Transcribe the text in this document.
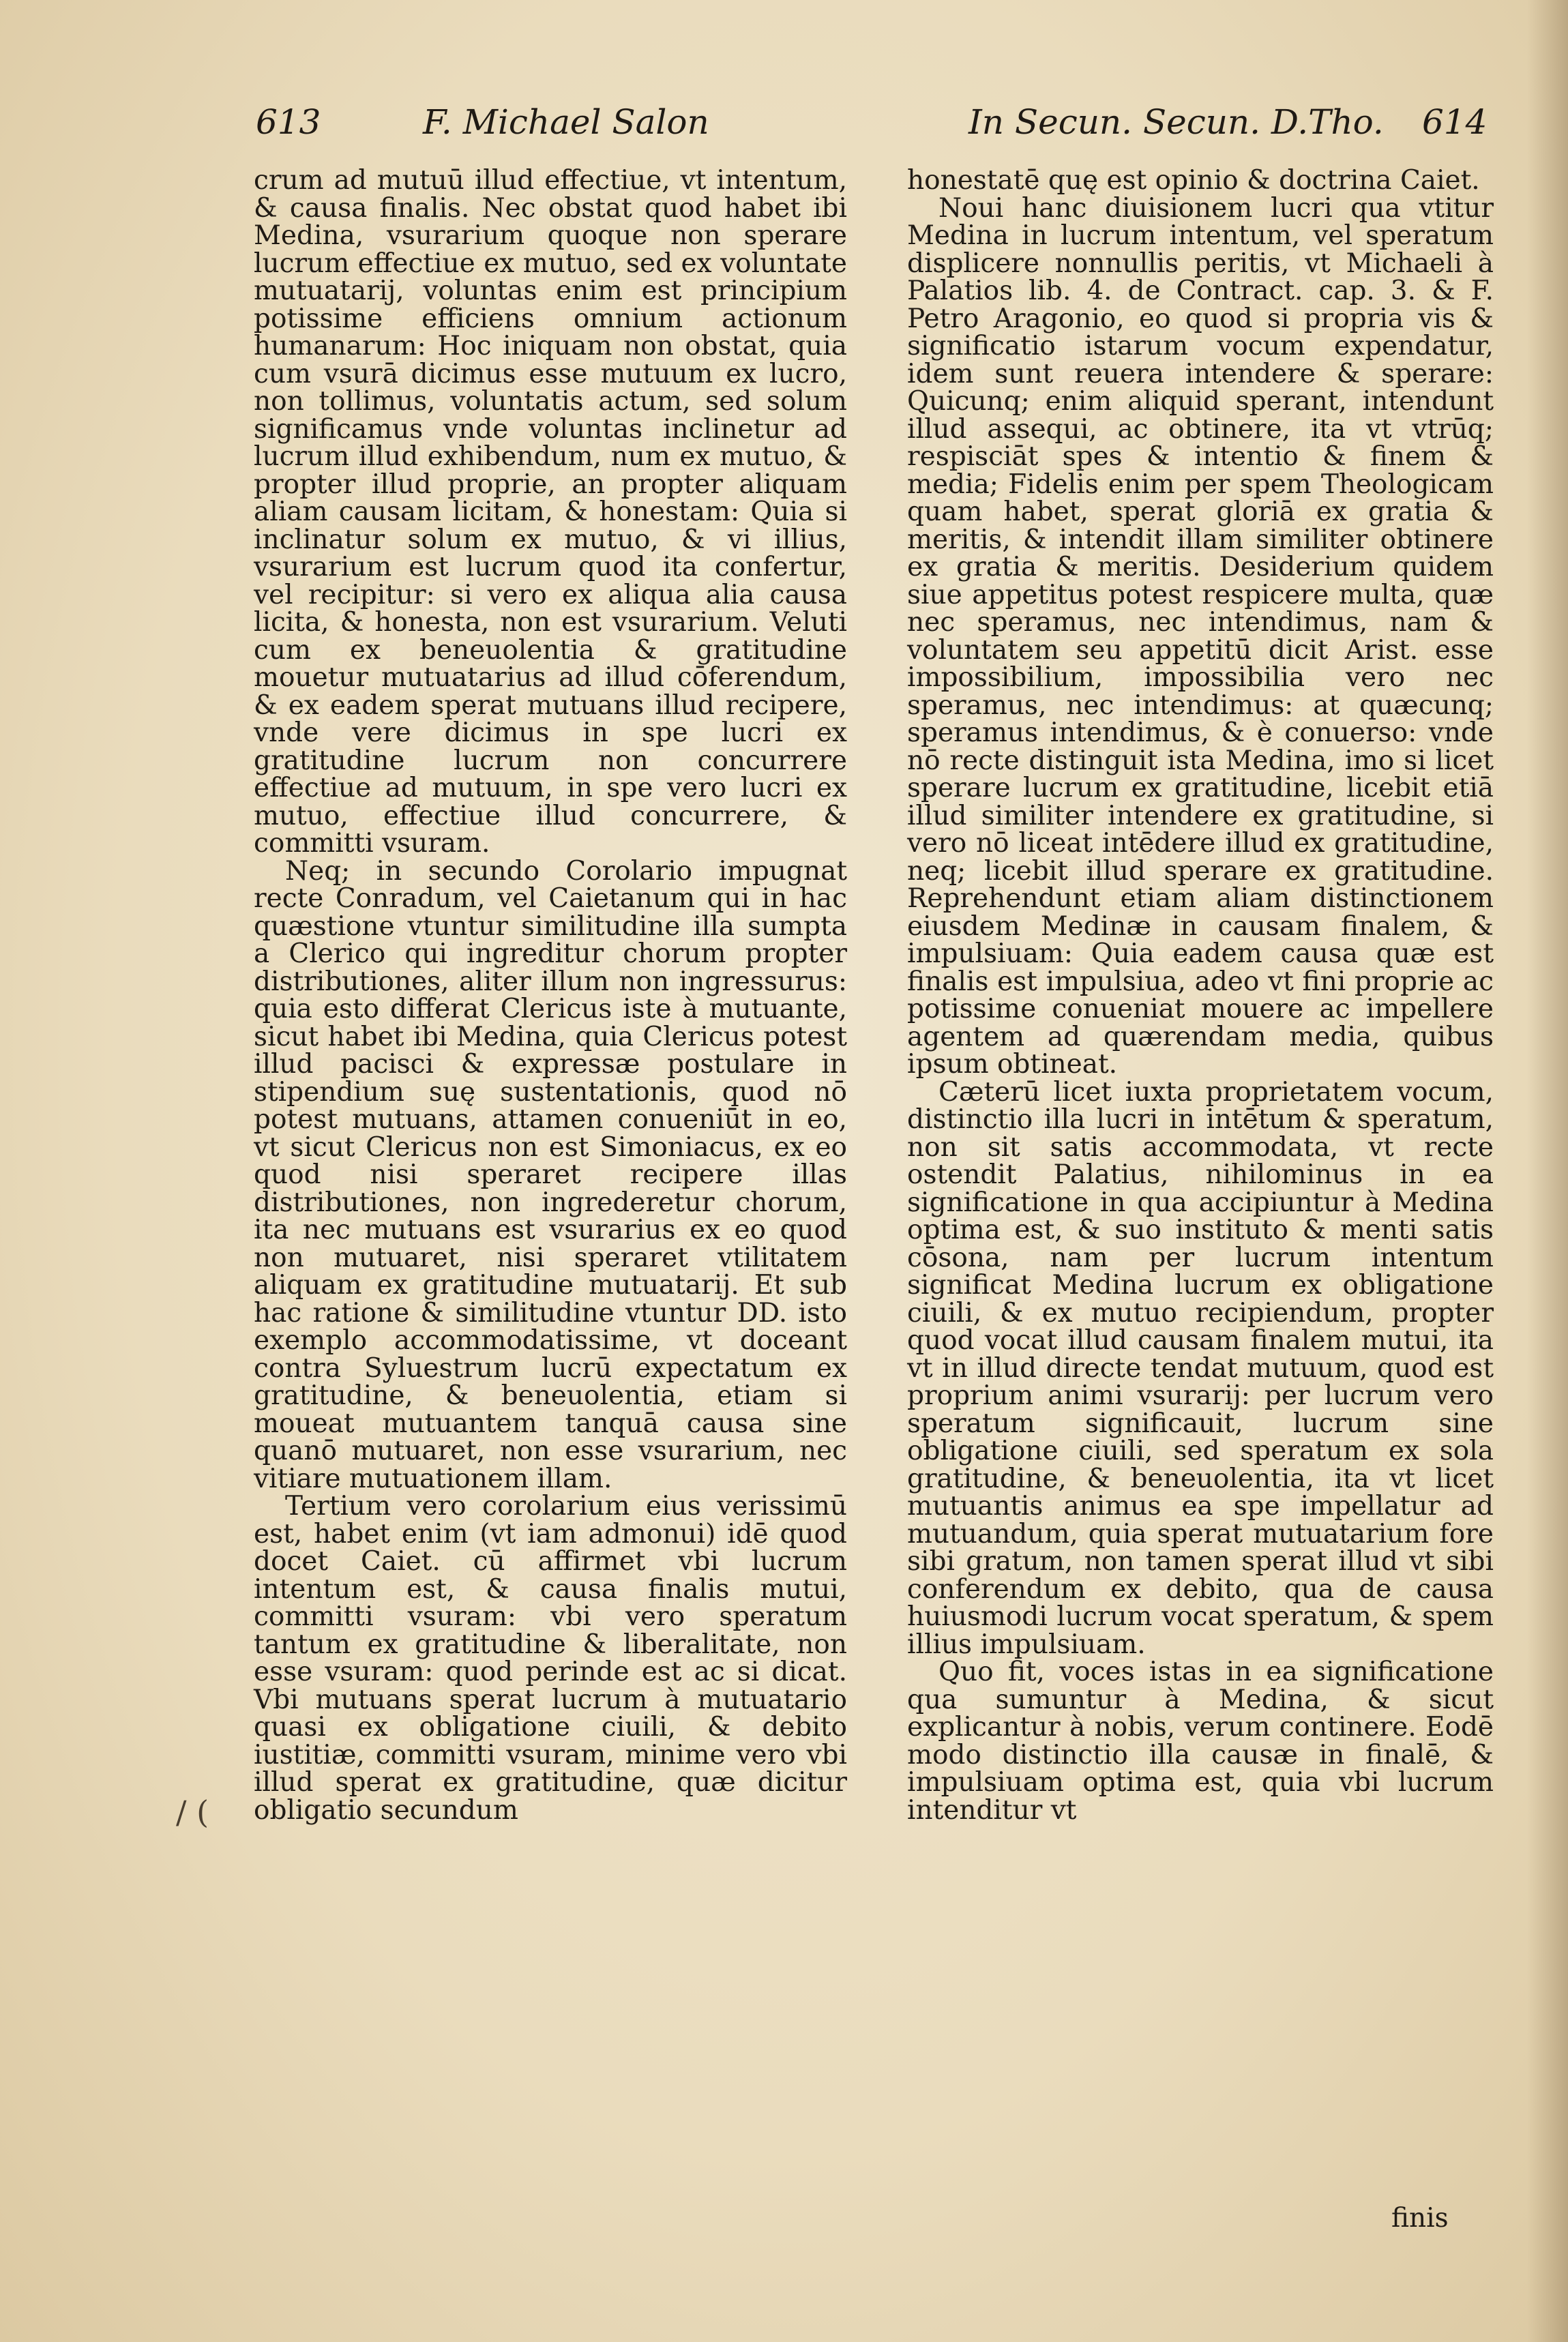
613	F. Michael Salon	In Secun. Secun. D.Tho. 614

crum ad mutuū illud effectiue, vt intentum, & causa finalis. Nec obstat quod habet ibi Medina, vsurarium quoque non sperare lucrum effectiue ex mutuo, sed ex voluntate mutuatarij, voluntas enim est principium potissime efficiens omnium actionum humanarum: Hoc iniquam non obstat, quia cum vsurā dicimus esse mutuum ex lucro, non tollimus, voluntatis actum, sed solum significamus vnde voluntas inclinetur ad lucrum illud exhibendum, num ex mutuo, & propter illud proprie, an propter aliquam aliam causam licitam, & honestam: Quia si inclinatur solum ex mutuo, & vi illius, vsurarium est lucrum quod ita confertur, vel recipitur: si vero ex aliqua alia causa licita, & honesta, non est vsurarium. Veluti cum ex beneuolentia & gratitudine mouetur mutuatarius ad illud cōferendum, & ex eadem sperat mutuans illud recipere, vnde vere dicimus in spe lucri ex gratitudine lucrum non concurrere effectiue ad mutuum, in spe vero lucri ex mutuo, effectiue illud concurrere, & committi vsuram.

Neq; in secundo Corolario impugnat recte Conradum, vel Caietanum qui in hac quæstione vtuntur similitudine illa sumpta a Clerico qui ingreditur chorum propter distributiones, aliter illum non ingressurus: quia esto differat Clericus iste à mutuante, sicut habet ibi Medina, quia Clericus potest illud pacisci & expressæ postulare in stipendium suę sustentationis, quod nō potest mutuans, attamen conueniūt in eo, vt sicut Clericus non est Simoniacus, ex eo quod nisi speraret recipere illas distributiones, non ingrederetur chorum, ita nec mutuans est vsurarius ex eo quod non mutuaret, nisi speraret vtilitatem aliquam ex gratitudine mutuatarij. Et sub hac ratione & similitudine vtuntur DD. isto exemplo accommodatissime, vt doceant contra Syluestrum lucrū expectatum ex gratitudine, & beneuolentia, etiam si moueat mutuantem tanquā causa sine quanō mutuaret, non esse vsurarium, nec vitiare mutuationem illam.

Tertium vero corolarium eius verissimū est, habet enim (vt iam admonui) idē quod docet Caiet. cū affirmet vbi lucrum intentum est, & causa finalis mutui, committi vsuram: vbi vero speratum tantum ex gratitudine & liberalitate, non esse vsuram: quod perinde est ac si dicat. Vbi mutuans sperat lucrum à mutuatario quasi ex obligatione ciuili, & debito iustitiæ, committi vsuram, minime vero vbi illud sperat ex gratitudine, quæ dicitur obligatio secundum

/ (

honestatē quę est opinio & doctrina Caiet.

Noui hanc diuisionem lucri qua vtitur Medina in lucrum intentum, vel speratum displicere nonnullis peritis, vt Michaeli à Palatios lib. 4. de Contract. cap. 3. & F. Petro Aragonio, eo quod si propria vis & significatio istarum vocum expendatur, idem sunt reuera intendere & sperare: Quicunq; enim aliquid sperant, intendunt illud assequi, ac obtinere, ita vt vtrūq; respisciāt spes & intentio & finem & media; Fidelis enim per spem Theologicam quam habet, sperat gloriā ex gratia & meritis, & intendit illam similiter obtinere ex gratia & meritis. Desiderium quidem siue appetitus potest respicere multa, quæ nec speramus, nec intendimus, nam & voluntatem seu appetitū dicit Arist. esse impossibilium, impossibilia vero nec speramus, nec intendimus: at quæcunq; speramus intendimus, & è conuerso: vnde nō recte distinguit ista Medina, imo si licet sperare lucrum ex gratitudine, licebit etiā illud similiter intendere ex gratitudine, si vero nō liceat intēdere illud ex gratitudine, neq; licebit illud sperare ex gratitudine. Reprehendunt etiam aliam distinctionem eiusdem Medinæ in causam finalem, & impulsiuam: Quia eadem causa quæ est finalis est impulsiua, adeo vt fini proprie ac potissime conueniat mouere ac impellere agentem ad quærendam media, quibus ipsum obtineat.

Cæterū licet iuxta proprietatem vocum, distinctio illa lucri in intētum & speratum, non sit satis accommodata, vt recte ostendit Palatius, nihilominus in ea significatione in qua accipiuntur à Medina optima est, & suo instituto & menti satis cōsona, nam per lucrum intentum significat Medina lucrum ex obligatione ciuili, & ex mutuo recipiendum, propter quod vocat illud causam finalem mutui, ita vt in illud directe tendat mutuum, quod est proprium animi vsurarij: per lucrum vero speratum significauit, lucrum sine obligatione ciuili, sed speratum ex sola gratitudine, & beneuolentia, ita vt licet mutuantis animus ea spe impellatur ad mutuandum, quia sperat mutuatarium fore sibi gratum, non tamen sperat illud vt sibi conferendum ex debito, qua de causa huiusmodi lucrum vocat speratum, & spem illius impulsiuam.

Quo fit, voces istas in ea significatione qua sumuntur à Medina, & sicut explicantur à nobis, verum continere. Eodē modo distinctio illa causæ in finalē, & impulsiuam optima est, quia vbi lucrum intenditur vt

finis
